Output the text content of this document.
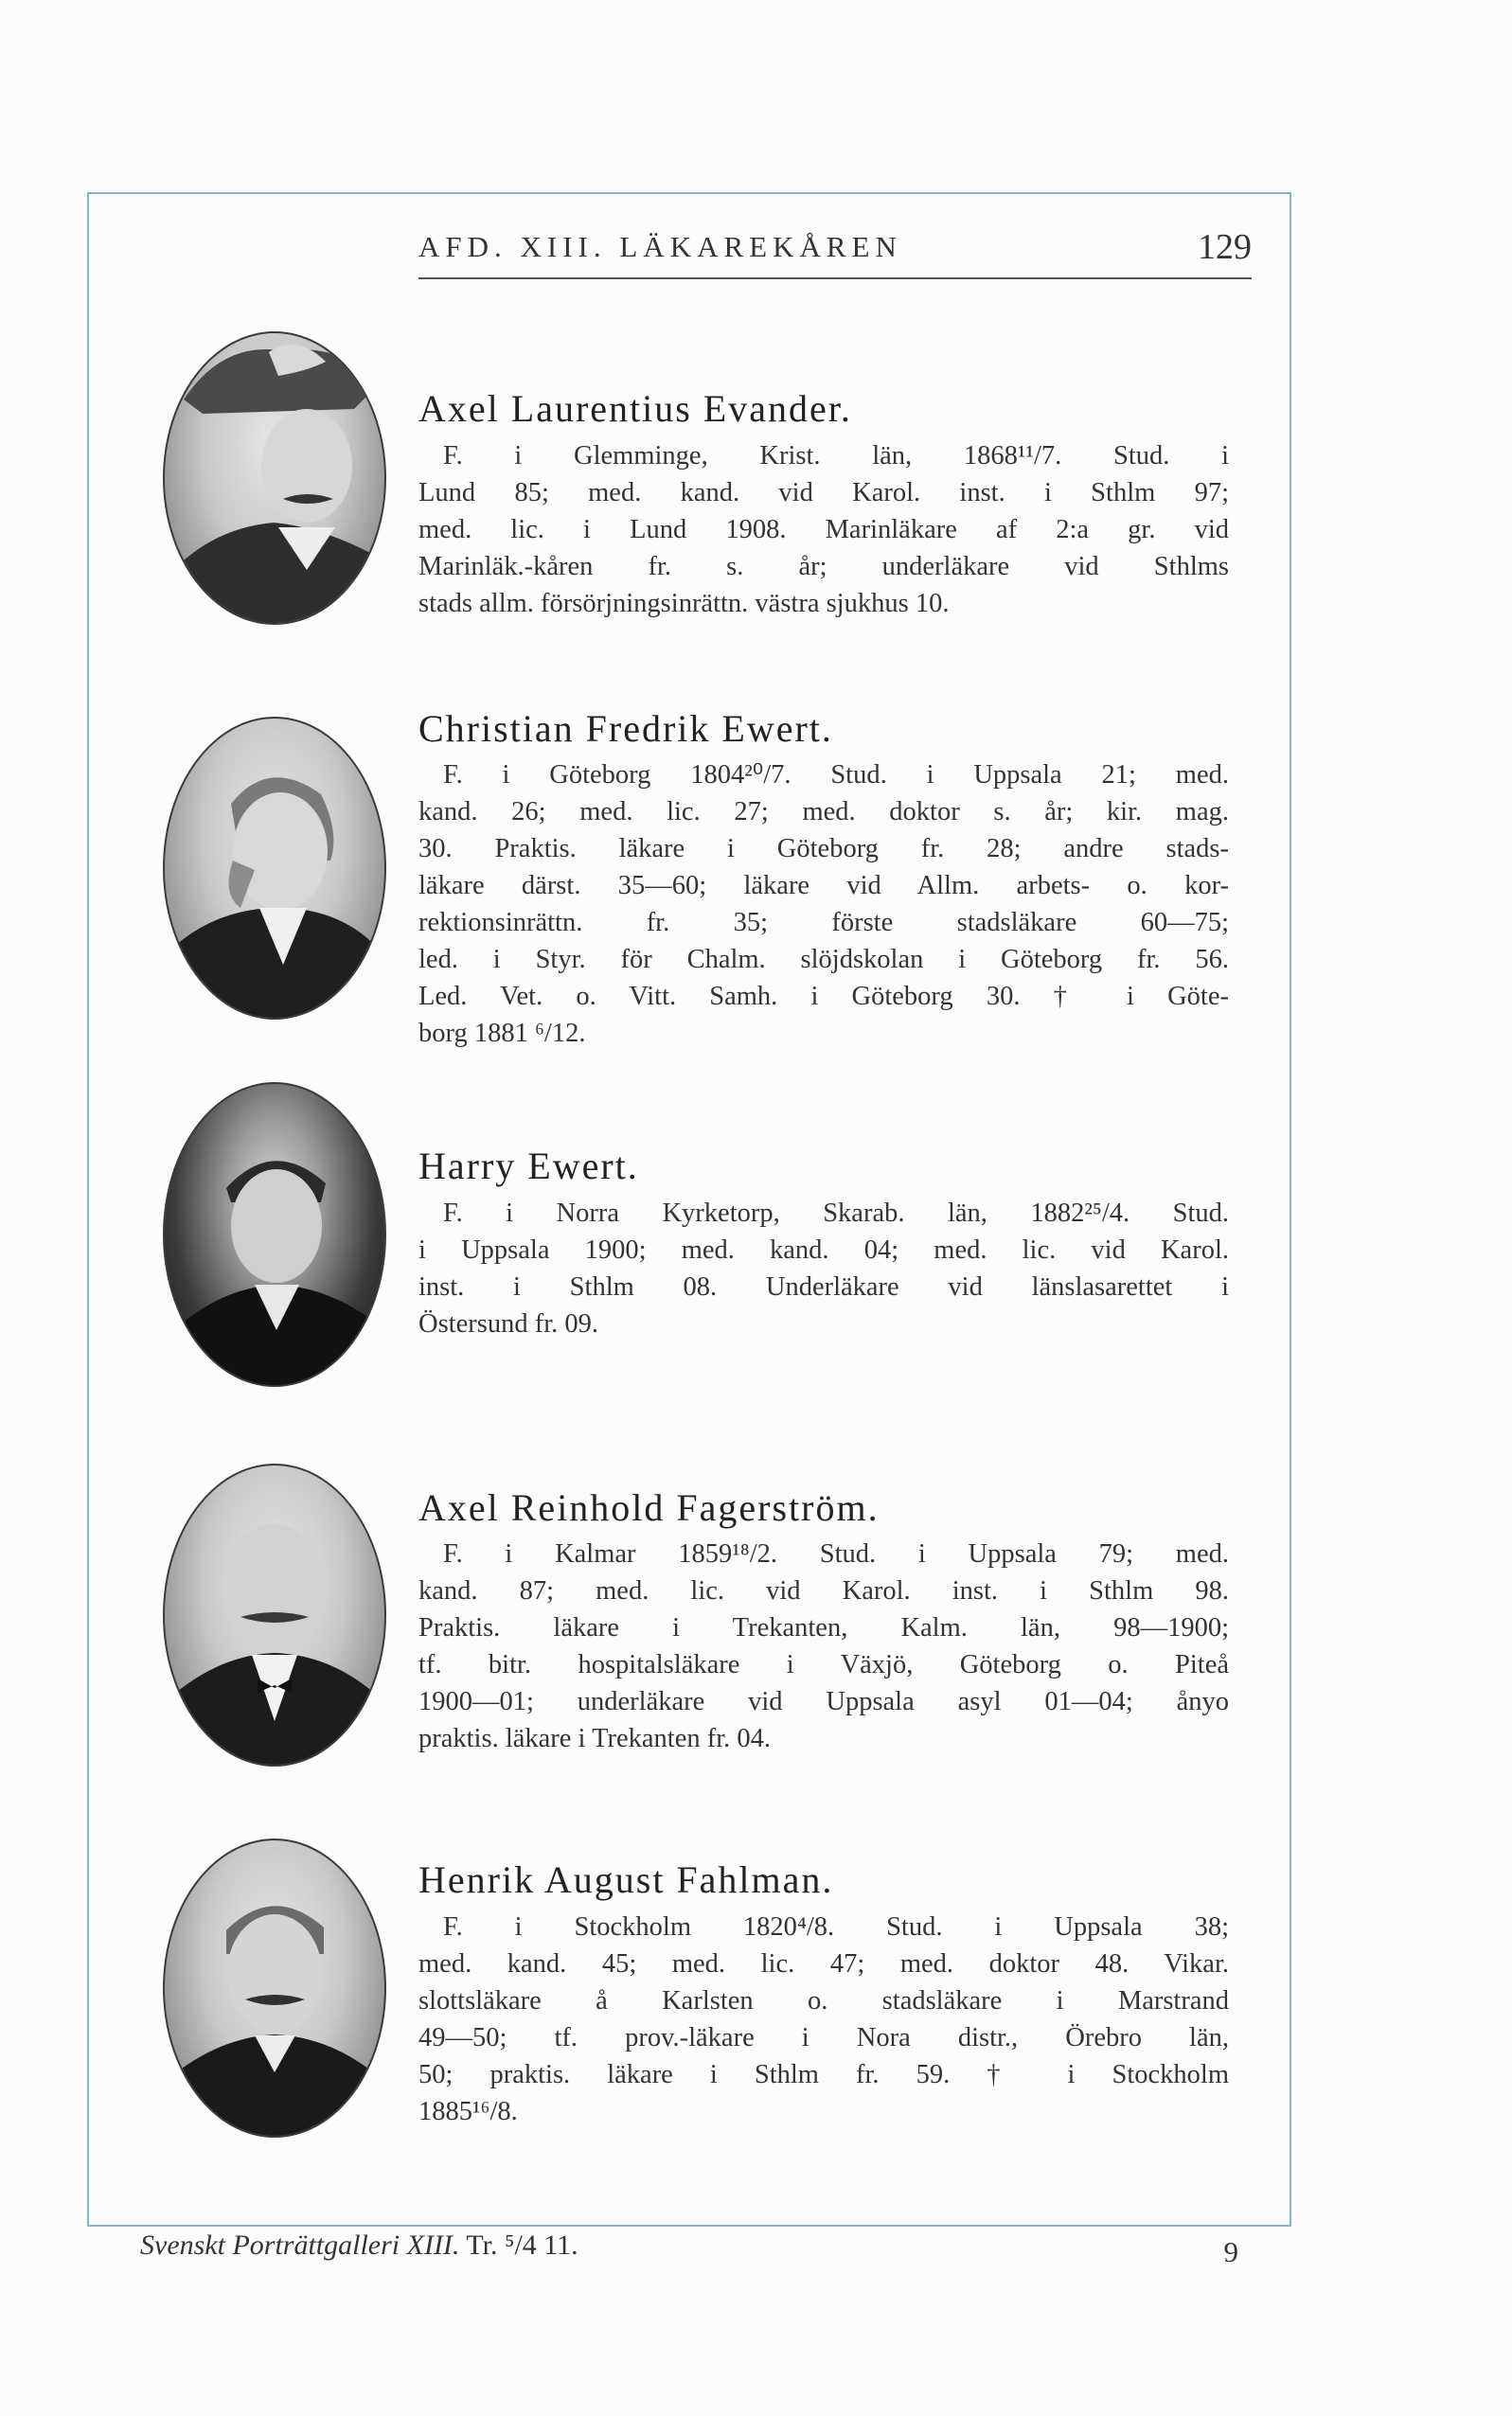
AFD. XIII. LÄKAREKÅREN	129
Axel Laurentius Evander.
F. i Glemminge, Krist. län, 1868¹¹/7. Stud. i
Lund 85; med. kand. vid Karol. inst. i Sthlm 97;
med. lic. i Lund 1908. Marinläkare af 2:a gr. vid
Marinläk.-kåren fr. s. år; underläkare vid Sthlms
stads allm. försörjningsinrättn. västra sjukhus 10.
Christian Fredrik Ewert.
F. i Göteborg 1804²⁰/7. Stud. i Uppsala 21; med.
kand. 26; med. lic. 27; med. doktor s. år; kir. mag.
30. Praktis. läkare i Göteborg fr. 28; andre stads-
läkare därst. 35—60; läkare vid Allm. arbets- o. kor-
rektionsinrättn. fr. 35; förste stadsläkare 60—75;
led. i Styr. för Chalm. slöjdskolan i Göteborg fr. 56.
Led. Vet. o. Vitt. Samh. i Göteborg 30. † i Göte-
borg 1881 ⁶/12.
Harry Ewert.
F. i Norra Kyrketorp, Skarab. län, 1882²⁵/4. Stud.
i Uppsala 1900; med. kand. 04; med. lic. vid Karol.
inst. i Sthlm 08. Underläkare vid länslasarettet i
Östersund fr. 09.
Axel Reinhold Fagerström.
F. i Kalmar 1859¹⁸/2. Stud. i Uppsala 79; med.
kand. 87; med. lic. vid Karol. inst. i Sthlm 98.
Praktis. läkare i Trekanten, Kalm. län, 98—1900;
tf. bitr. hospitalsläkare i Växjö, Göteborg o. Piteå
1900—01; underläkare vid Uppsala asyl 01—04; ånyo
praktis. läkare i Trekanten fr. 04.
Henrik August Fahlman.
F. i Stockholm 1820⁴/8. Stud. i Uppsala 38;
med. kand. 45; med. lic. 47; med. doktor 48. Vikar.
slottsläkare å Karlsten o. stadsläkare i Marstrand
49—50; tf. prov.-läkare i Nora distr., Örebro län,
50; praktis. läkare i Sthlm fr. 59. † i Stockholm
1885¹⁶/8.
Svenskt Porträttgalleri XIII. Tr. ⁵/4 11.	9
